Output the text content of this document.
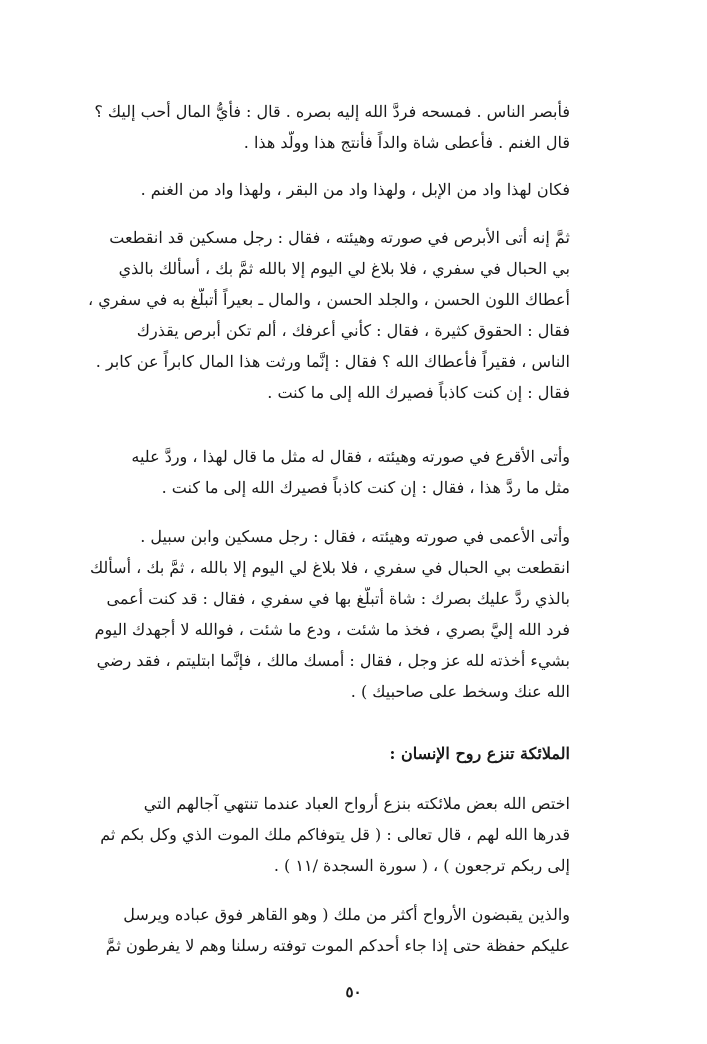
فأبصر الناس . فمسحه فردَّ الله إليه بصره . قال : فأيُّ المال أحب إليك ؟
قال الغنم . فأعطى شاة والداً فأنتج هذا وولَّد هذا .
فكان لهذا واد من الإبل ، ولهذا واد من البقر ، ولهذا واد من الغنم .
ثمَّ إنه أتى الأبرص في صورته وهيئته ، فقال : رجل مسكين قد انقطعت
بي الحبال في سفري ، فلا بلاغ لي اليوم إلا بالله ثمَّ بك ، أسألك بالذي
أعطاك اللون الحسن ، والجلد الحسن ، والمال ـ بعيراً أتبلَّغ به في سفري ،
فقال : الحقوق كثيرة ، فقال : كأني أعرفك ، ألم تكن أبرص يقذرك
الناس ، فقيراً فأعطاك الله ؟ فقال : إنَّما ورثت هذا المال كابراً عن كابر .
فقال : إن كنت كاذباً فصيرك الله إلى ما كنت .
وأتى الأقرع في صورته وهيئته ، فقال له مثل ما قال لهذا ، وردَّ عليه
مثل ما ردَّ هذا ، فقال : إن كنت كاذباً فصيرك الله إلى ما كنت .
وأتى الأعمى في صورته وهيئته ، فقال : رجل مسكين وابن سبيل .
انقطعت بي الحبال في سفري ، فلا بلاغ لي اليوم إلا بالله ، ثمَّ بك ، أسألك
بالذي ردَّ عليك بصرك : شاة أتبلَّغ بها في سفري ، فقال : قد كنت أعمى
فرد الله إليَّ بصري ، فخذ ما شئت ، ودع ما شئت ، فوالله لا أجهدك اليوم
بشيء أخذته لله عز وجل ، فقال : أمسك مالك ، فإنَّما ابتليتم ، فقد رضي
الله عنك وسخط على صاحبيك ) .
الملائكة تنزع روح الإنسان :
اختص الله بعض ملائكته بنزع أرواح العباد عندما تنتهي آجالهم التي
قدرها الله لهم ، قال تعالى : ( قل يتوفاكم ملك الموت الذي وكل بكم ثم
إلى ربكم ترجعون ) ، ( سورة السجدة /١١ ) .
والذين يقبضون الأرواح أكثر من ملك ( وهو القاهر فوق عباده ويرسل
عليكم حفظة حتى إذا جاء أحدكم الموت توفته رسلنا وهم لا يفرطون ثمَّ
٥٠
